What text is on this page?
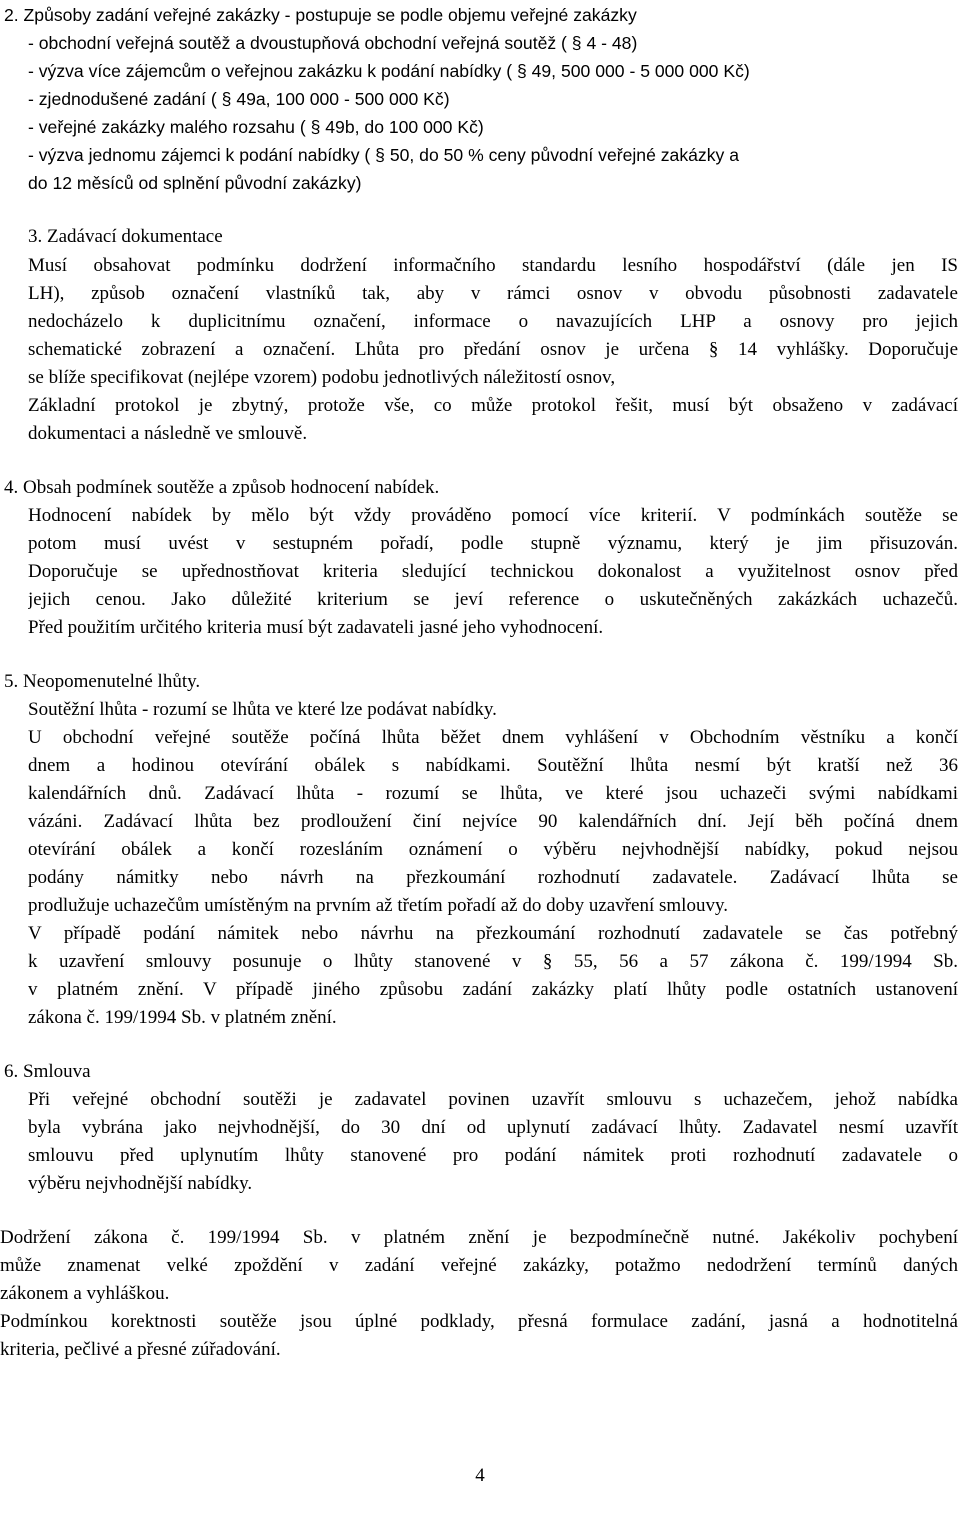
2. Způsoby zadání veřejné zakázky - postupuje se podle objemu veřejné zakázky
- obchodní veřejná soutěž a dvoustupňová obchodní veřejná soutěž ( § 4 - 48)
- výzva více zájemcům o veřejnou zakázku k podání nabídky ( § 49, 500 000 - 5 000 000 Kč)
- zjednodušené zadání ( § 49a, 100 000 - 500 000 Kč)
- veřejné zakázky malého rozsahu ( § 49b, do 100 000 Kč)
- výzva jednomu zájemci k podání nabídky ( § 50, do 50 % ceny původní veřejné zakázky a
do 12 měsíců od splnění původní zakázky)
3. Zadávací dokumentace
Musí obsahovat podmínku dodržení informačního standardu lesního hospodářství (dále jen IS
LH), způsob označení vlastníků tak, aby v rámci osnov v obvodu působnosti zadavatele
nedocházelo k duplicitnímu označení, informace o navazujících LHP a osnovy pro jejich
schematické zobrazení a označení. Lhůta pro předání osnov je určena § 14 vyhlášky. Doporučuje
se blíže specifikovat (nejlépe vzorem) podobu jednotlivých náležitostí osnov,
Základní protokol je zbytný, protože vše, co může protokol řešit, musí být obsaženo v zadávací
dokumentaci a následně ve smlouvě.
4. Obsah podmínek soutěže a způsob hodnocení nabídek.
Hodnocení nabídek by mělo být vždy prováděno pomocí více kriterií. V podmínkách soutěže se
potom musí uvést v sestupném pořadí, podle stupně významu, který je jim přisuzován.
Doporučuje se upřednostňovat kriteria sledující technickou dokonalost a využitelnost osnov před
jejich cenou. Jako důležité kriterium se jeví reference o uskutečněných zakázkách uchazečů.
Před použitím určitého kriteria musí být zadavateli jasné jeho vyhodnocení.
5. Neopomenutelné lhůty.
Soutěžní lhůta - rozumí se lhůta ve které lze podávat nabídky.
U obchodní veřejné soutěže počíná lhůta běžet dnem vyhlášení v Obchodním věstníku a končí
dnem a hodinou otevírání obálek s nabídkami. Soutěžní lhůta nesmí být kratší než 36
kalendářních dnů. Zadávací lhůta - rozumí se lhůta, ve které jsou uchazeči svými nabídkami
vázáni. Zadávací lhůta bez prodloužení činí nejvíce 90 kalendářních dní. Její běh počíná dnem
otevírání obálek a končí rozesláním oznámení o výběru nejvhodnější nabídky, pokud nejsou
podány námitky nebo návrh na přezkoumání rozhodnutí zadavatele. Zadávací lhůta se
prodlužuje uchazečům umístěným na prvním až třetím pořadí až do doby uzavření smlouvy.
V případě podání námitek nebo návrhu na přezkoumání rozhodnutí zadavatele se čas potřebný
k uzavření smlouvy posunuje o lhůty stanovené v § 55, 56 a 57 zákona č. 199/1994 Sb.
v platném znění. V případě jiného způsobu zadání zakázky platí lhůty podle ostatních ustanovení
zákona č. 199/1994 Sb. v platném znění.
6. Smlouva
Při veřejné obchodní soutěži je zadavatel povinen uzavřít smlouvu s uchazečem, jehož nabídka
byla vybrána jako nejvhodnější, do 30 dní od uplynutí zadávací lhůty. Zadavatel nesmí uzavřít
smlouvu před uplynutím lhůty stanovené pro podání námitek proti rozhodnutí zadavatele o
výběru nejvhodnější nabídky.
Dodržení zákona č. 199/1994 Sb. v platném znění je bezpodmínečně nutné. Jakékoliv pochybení
může znamenat velké zpoždění v zadání veřejné zakázky, potažmo nedodržení termínů daných
zákonem a vyhláškou.
Podmínkou korektnosti soutěže jsou úplné podklady, přesná formulace zadání, jasná a hodnotitelná
kriteria, pečlivé a přesné zúřadování.
4
